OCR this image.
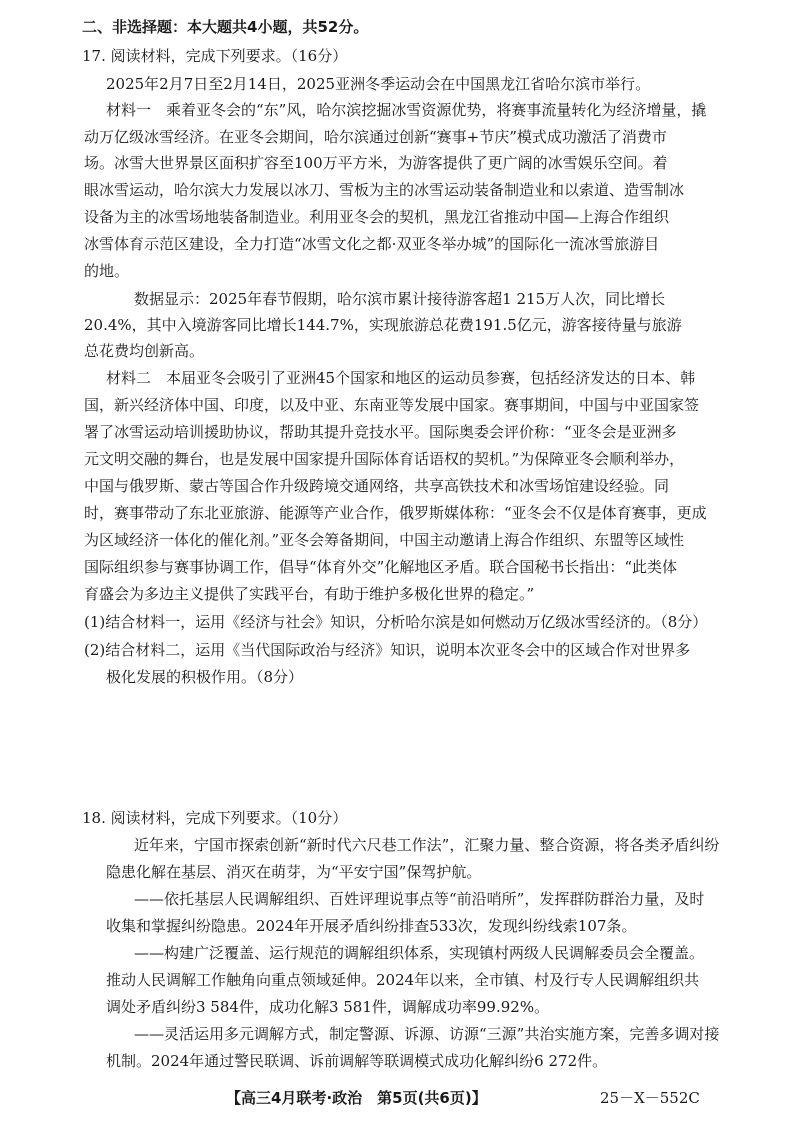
二、非选择题：本大题共4小题，共52分。
17. 阅读材料，完成下列要求。（16分）
2025年2月7日至2月14日，2025亚洲冬季运动会在中国黑龙江省哈尔滨市举行。
材料一　乘着亚冬会的“东”风，哈尔滨挖掘冰雪资源优势，将赛事流量转化为经济增量，撬
动万亿级冰雪经济。在亚冬会期间，哈尔滨通过创新“赛事+节庆”模式成功激活了消费市
场。冰雪大世界景区面积扩容至100万平方米，为游客提供了更广阔的冰雪娱乐空间。着
眼冰雪运动，哈尔滨大力发展以冰刀、雪板为主的冰雪运动装备制造业和以索道、造雪制冰
设备为主的冰雪场地装备制造业。利用亚冬会的契机，黑龙江省推动中国—上海合作组织
冰雪体育示范区建设，全力打造“冰雪文化之都·双亚冬举办城”的国际化一流冰雪旅游目
的地。
数据显示：2025年春节假期，哈尔滨市累计接待游客超1 215万人次，同比增长
20.4%，其中入境游客同比增长144.7%，实现旅游总花费191.5亿元，游客接待量与旅游
总花费均创新高。
材料二　本届亚冬会吸引了亚洲45个国家和地区的运动员参赛，包括经济发达的日本、韩
国，新兴经济体中国、印度，以及中亚、东南亚等发展中国家。赛事期间，中国与中亚国家签
署了冰雪运动培训援助协议，帮助其提升竞技水平。国际奥委会评价称：“亚冬会是亚洲多
元文明交融的舞台，也是发展中国家提升国际体育话语权的契机。”为保障亚冬会顺利举办，
中国与俄罗斯、蒙古等国合作升级跨境交通网络，共享高铁技术和冰雪场馆建设经验。同
时，赛事带动了东北亚旅游、能源等产业合作，俄罗斯媒体称：“亚冬会不仅是体育赛事，更成
为区域经济一体化的催化剂。”亚冬会筹备期间，中国主动邀请上海合作组织、东盟等区域性
国际组织参与赛事协调工作，倡导“体育外交”化解地区矛盾。联合国秘书长指出：“此类体
育盛会为多边主义提供了实践平台，有助于维护多极化世界的稳定。”
(1)结合材料一，运用《经济与社会》知识，分析哈尔滨是如何燃动万亿级冰雪经济的。（8分）
(2)结合材料二，运用《当代国际政治与经济》知识，说明本次亚冬会中的区域合作对世界多
极化发展的积极作用。（8分）
18. 阅读材料，完成下列要求。（10分）
近年来，宁国市探索创新“新时代六尺巷工作法”，汇聚力量、整合资源，将各类矛盾纠纷
隐患化解在基层、消灭在萌芽，为“平安宁国”保驾护航。
——依托基层人民调解组织、百姓评理说事点等“前沿哨所”，发挥群防群治力量，及时
收集和掌握纠纷隐患。2024年开展矛盾纠纷排查533次，发现纠纷线索107条。
——构建广泛覆盖、运行规范的调解组织体系，实现镇村两级人民调解委员会全覆盖。
推动人民调解工作触角向重点领域延伸。2024年以来，全市镇、村及行专人民调解组织共
调处矛盾纠纷3 584件，成功化解3 581件，调解成功率99.92%。
——灵活运用多元调解方式，制定警源、诉源、访源“三源”共治实施方案，完善多调对接
机制。2024年通过警民联调、诉前调解等联调模式成功化解纠纷6 272件。
【高三4月联考·政治　第5页(共6页)】	25－X－552C
